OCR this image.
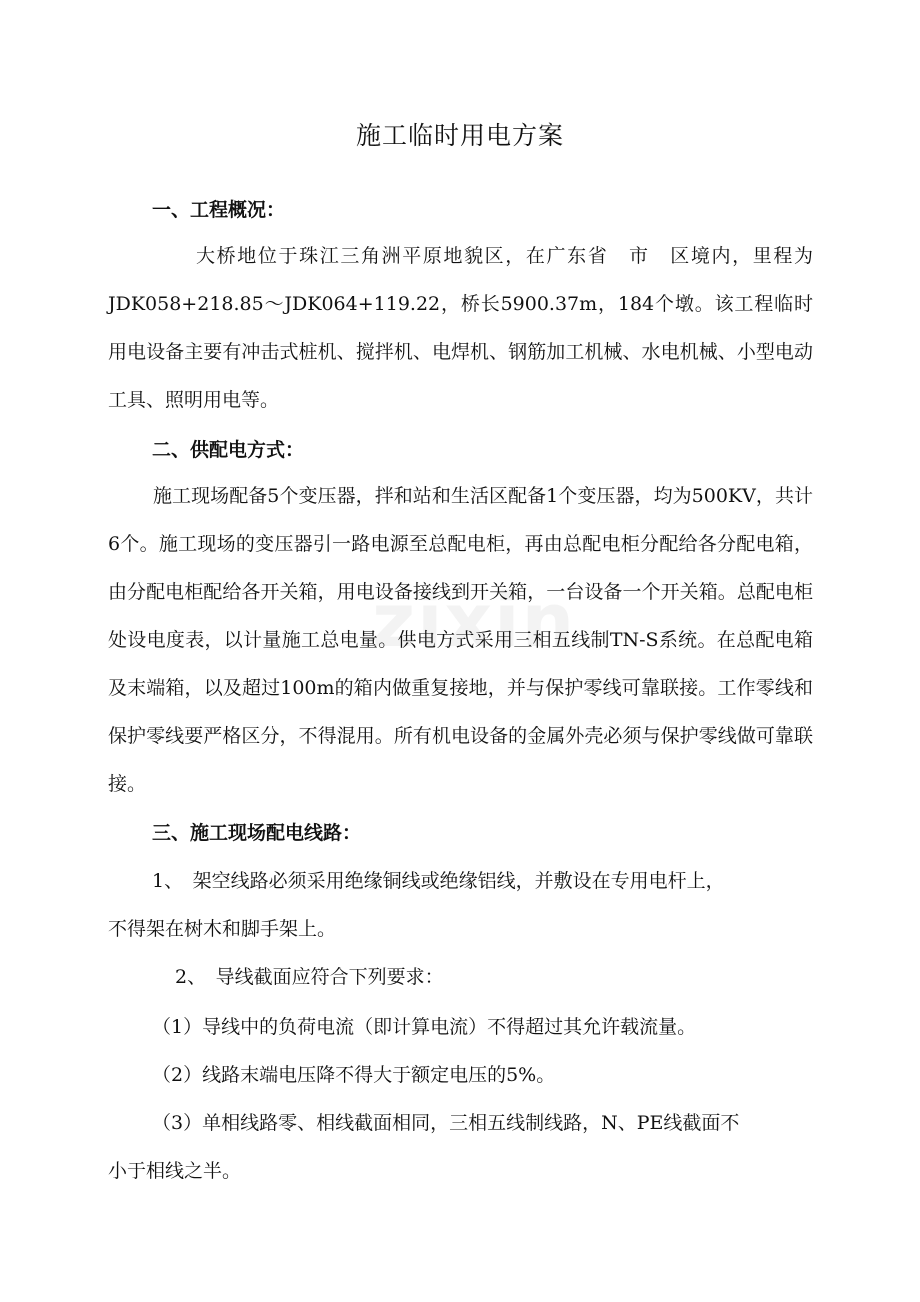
zixin
施工临时用电方案
一、工程概况：
大桥地位于珠江三角洲平原地貌区，在广东省　市　区境内，里程为JDK058+218.85～JDK064+119.22，桥长5900.37m，184个墩。该工程临时用电设备主要有冲击式桩机、搅拌机、电焊机、钢筋加工机械、水电机械、小型电动工具、照明用电等。
二、供配电方式：
施工现场配备5个变压器，拌和站和生活区配备1个变压器，均为500KV，共计6个。施工现场的变压器引一路电源至总配电柜，再由总配电柜分配给各分配电箱，由分配电柜配给各开关箱，用电设备接线到开关箱，一台设备一个开关箱。总配电柜处设电度表，以计量施工总电量。供电方式采用三相五线制TN-S系统。在总配电箱及末端箱，以及超过100m的箱内做重复接地，并与保护零线可靠联接。工作零线和保护零线要严格区分，不得混用。所有机电设备的金属外壳必须与保护零线做可靠联接。
三、施工现场配电线路：
1、　架空线路必须采用绝缘铜线或绝缘铝线，并敷设在专用电杆上，
不得架在树木和脚手架上。
2、　导线截面应符合下列要求：
（1）导线中的负荷电流（即计算电流）不得超过其允许载流量。
（2）线路末端电压降不得大于额定电压的5%。
（3）单相线路零、相线截面相同，三相五线制线路，N、PE线截面不
小于相线之半。
